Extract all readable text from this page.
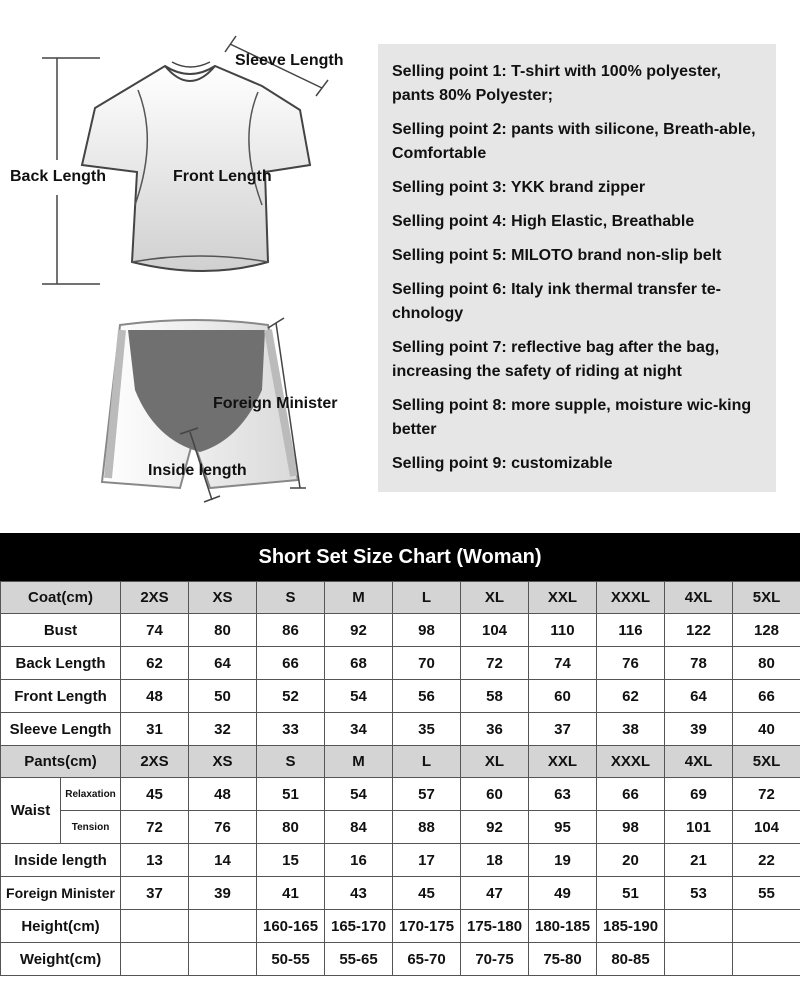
Sleeve Length
Back Length	Front Length
Foreign Minister
Inside length
Selling point 1: T-shirt with 100% polyester, pants 80% Polyester;
Selling point 2: pants with silicone, Breath-able, Comfortable
Selling point 3: YKK brand zipper
Selling point 4: High Elastic, Breathable
Selling point 5: MILOTO brand non-slip belt
Selling point 6: Italy ink thermal transfer te-chnology
Selling point 7: reflective bag after the bag, increasing the safety of riding at night
Selling point 8: more supple, moisture wic-king better
Selling point 9: customizable
Short Set Size Chart (Woman)
Coat(cm)		2XS	XS	S	M	L	XL	XXL	XXXL	4XL	5XL
Bust		74	80	86	92	98	104	110	116	122	128
Back Length		62	64	66	68	70	72	74	76	78	80
Front Length		48	50	52	54	56	58	60	62	64	66
Sleeve Length		31	32	33	34	35	36	37	38	39	40
Pants(cm)		2XS	XS	S	M	L	XL	XXL	XXXL	4XL	5XL
Waist	Relaxation	45	48	51	54	57	60	63	66	69	72
	Tension	72	76	80	84	88	92	95	98	101	104
Inside length		13	14	15	16	17	18	19	20	21	22
Foreign Minister		37	39	41	43	45	47	49	51	53	55
Height(cm)				160-165	165-170	170-175	175-180	180-185	185-190		
Weight(cm)				50-55	55-65	65-70	70-75	75-80	80-85		
